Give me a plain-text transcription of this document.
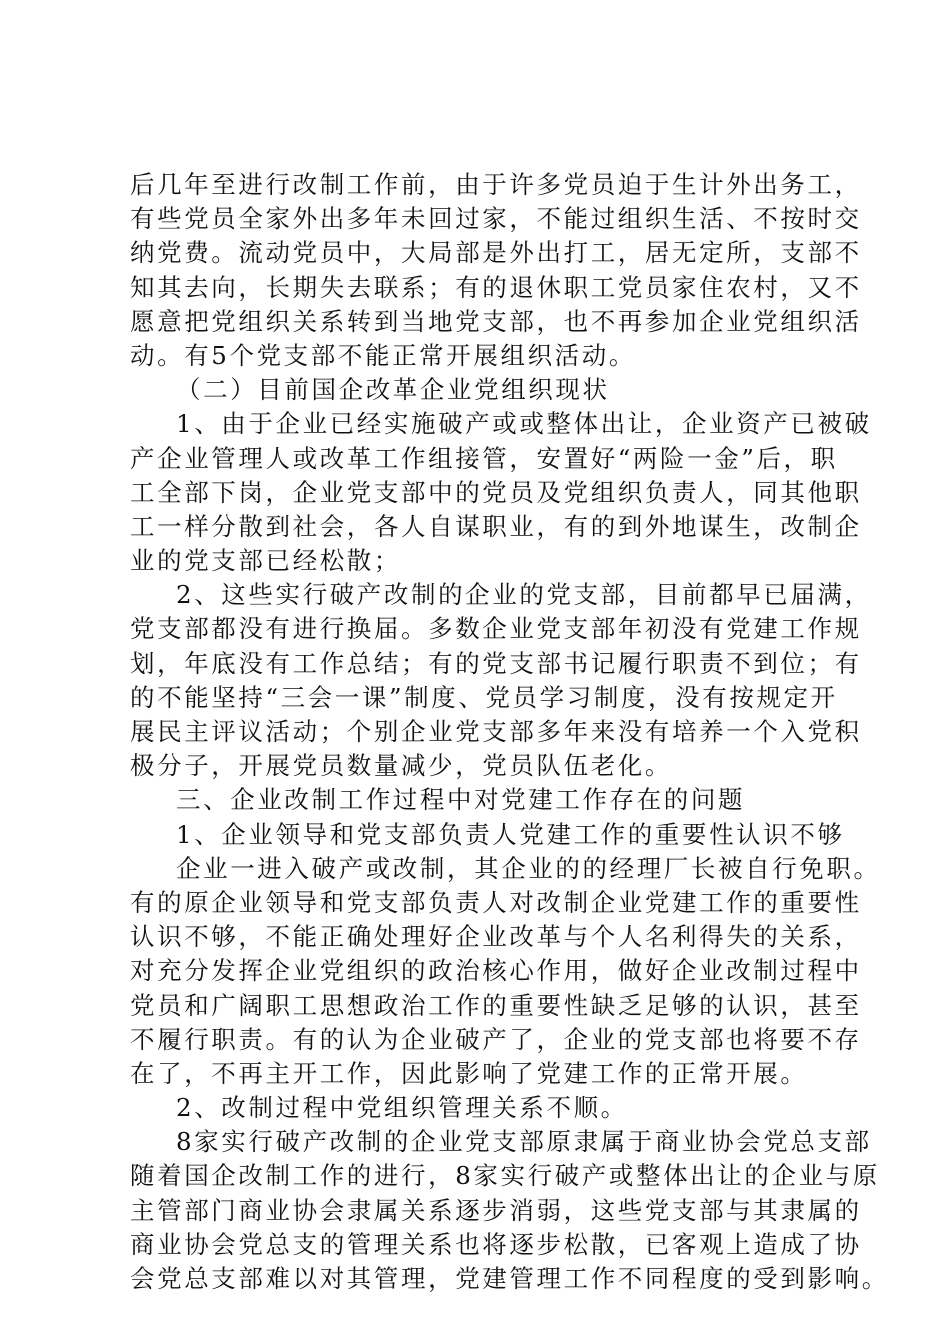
后几年至进行改制工作前，由于许多党员迫于生计外出务工，
有些党员全家外出多年未回过家，不能过组织生活、不按时交
纳党费。流动党员中，大局部是外出打工，居无定所，支部不
知其去向，长期失去联系；有的退休职工党员家住农村，又不
愿意把党组织关系转到当地党支部，也不再参加企业党组织活
动。有5个党支部不能正常开展组织活动。
（二）目前国企改革企业党组织现状
1、由于企业已经实施破产或或整体出让，企业资产已被破
产企业管理人或改革工作组接管，安置好“两险一金”后，职
工全部下岗，企业党支部中的党员及党组织负责人，同其他职
工一样分散到社会，各人自谋职业，有的到外地谋生，改制企
业的党支部已经松散；
2、这些实行破产改制的企业的党支部，目前都早已届满，
党支部都没有进行换届。多数企业党支部年初没有党建工作规
划，年底没有工作总结；有的党支部书记履行职责不到位；有
的不能坚持“三会一课”制度、党员学习制度，没有按规定开
展民主评议活动；个别企业党支部多年来没有培养一个入党积
极分子，开展党员数量减少，党员队伍老化。
三、企业改制工作过程中对党建工作存在的问题
1、企业领导和党支部负责人党建工作的重要性认识不够
企业一进入破产或改制，其企业的的经理厂长被自行免职。
有的原企业领导和党支部负责人对改制企业党建工作的重要性
认识不够，不能正确处理好企业改革与个人名利得失的关系，
对充分发挥企业党组织的政治核心作用，做好企业改制过程中
党员和广阔职工思想政治工作的重要性缺乏足够的认识，甚至
不履行职责。有的认为企业破产了，企业的党支部也将要不存
在了，不再主开工作，因此影响了党建工作的正常开展。
2、改制过程中党组织管理关系不顺。
8家实行破产改制的企业党支部原隶属于商业协会党总支部
随着国企改制工作的进行，8家实行破产或整体出让的企业与原
主管部门商业协会隶属关系逐步消弱，这些党支部与其隶属的
商业协会党总支的管理关系也将逐步松散，已客观上造成了协
会党总支部难以对其管理，党建管理工作不同程度的受到影响。
